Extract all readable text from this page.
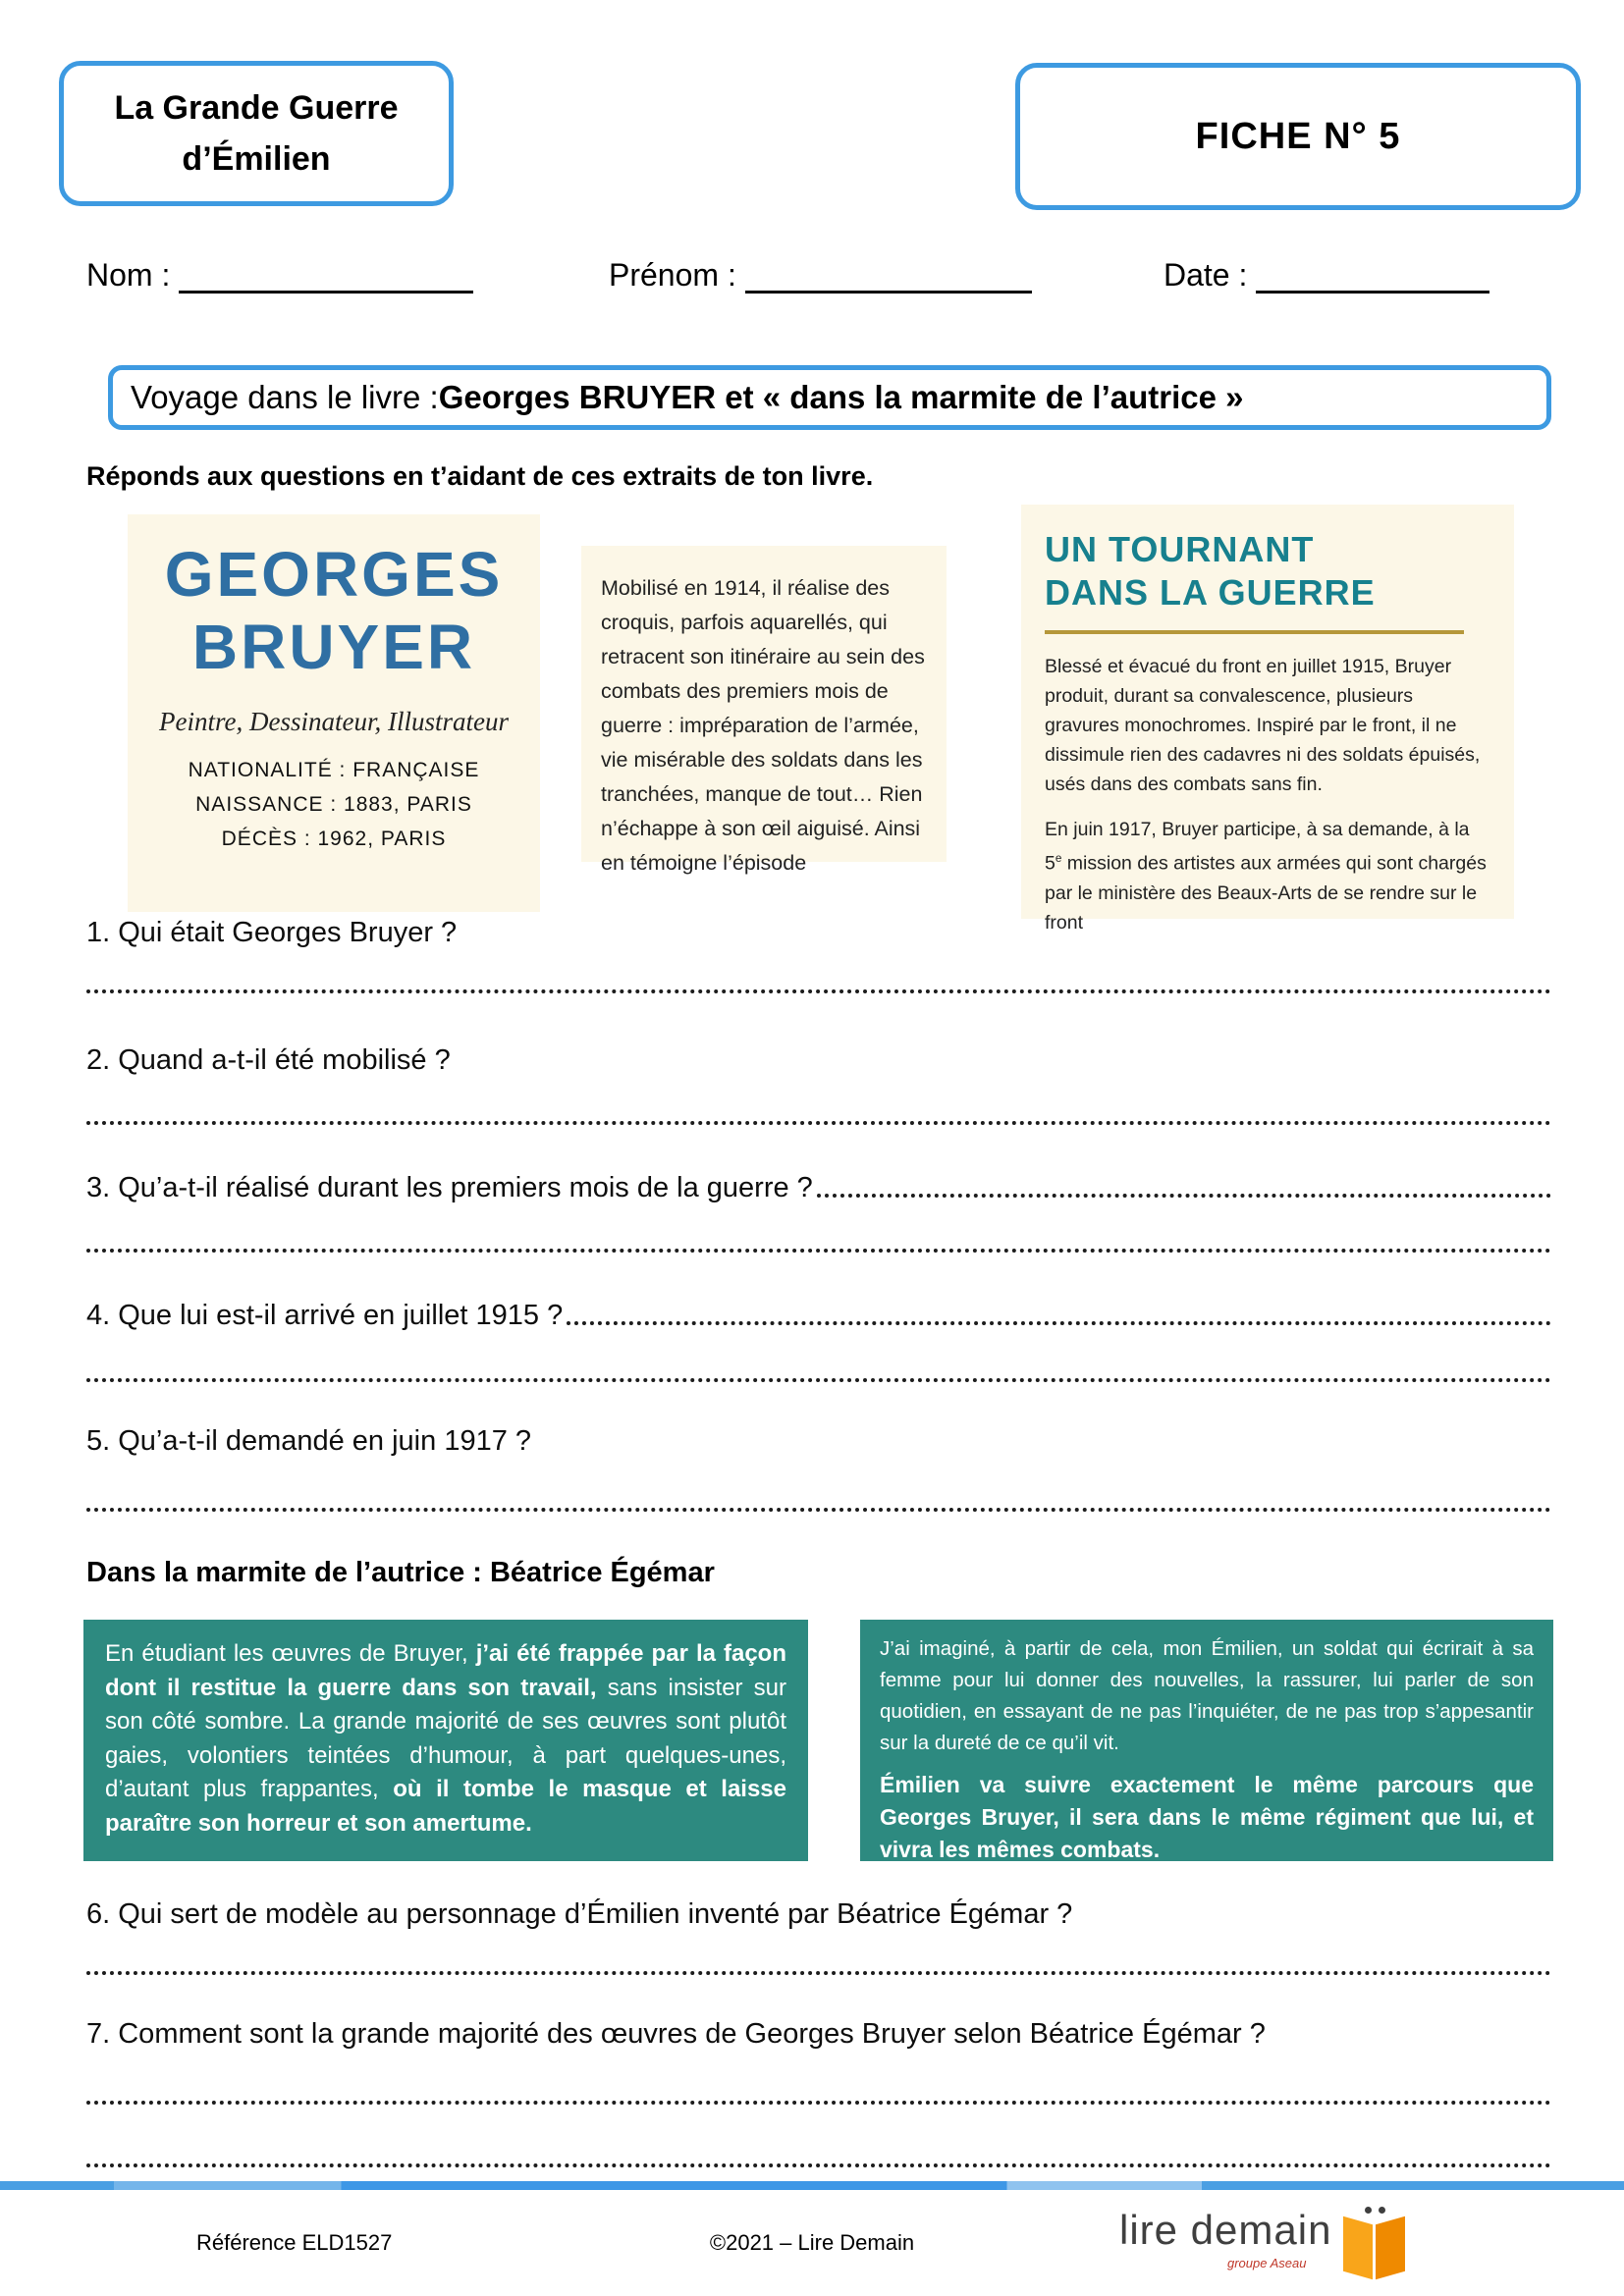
La Grande Guerre
d’Émilien
FICHE N° 5
Nom :	Prénom :	Date :
Voyage dans le livre : Georges BRUYER et « dans la marmite de l’autrice »
Réponds aux questions en t’aidant de ces extraits de ton livre.
GEORGES
BRUYER
Peintre, Dessinateur, Illustrateur
NATIONALITÉ : FRANÇAISE
NAISSANCE : 1883, PARIS
DÉCÈS : 1962, PARIS
Mobilisé en 1914, il réalise des croquis, parfois aquarellés, qui retracent son itinéraire au sein des combats des premiers mois de guerre : impréparation de l’armée, vie misérable des soldats dans les tranchées, manque de tout… Rien n’échappe à son œil aiguisé. Ainsi en témoigne l’épisode
UN TOURNANT
DANS LA GUERRE
Blessé et évacué du front en juillet 1915, Bruyer produit, durant sa convalescence, plusieurs gravures monochromes. Inspiré par le front, il ne dissimule rien des cadavres ni des soldats épuisés, usés dans des combats sans fin.
En juin 1917, Bruyer participe, à sa demande, à la 5e mission des artistes aux armées qui sont chargés par le ministère des Beaux-Arts de se rendre sur le front
1. Qui était Georges Bruyer ?
2. Quand a-t-il été mobilisé ?
3. Qu’a-t-il réalisé durant les premiers mois de la guerre ?
4. Que lui est-il arrivé en juillet 1915 ?
5. Qu’a-t-il demandé en juin 1917 ?
Dans la marmite de l’autrice : Béatrice Égémar
En étudiant les œuvres de Bruyer, j’ai été frappée par la façon dont il restitue la guerre dans son travail, sans insister sur son côté sombre. La grande majorité de ses œuvres sont plutôt gaies, volontiers teintées d’humour, à part quelques-unes, d’autant plus frappantes, où il tombe le masque et laisse paraître son horreur et son amertume.
J’ai imaginé, à partir de cela, mon Émilien, un soldat qui écrirait à sa femme pour lui donner des nouvelles, la rassurer, lui parler de son quotidien, en essayant de ne pas l’inquiéter, de ne pas trop s’appesantir sur la dureté de ce qu’il vit.
Émilien va suivre exactement le même parcours que Georges Bruyer, il sera dans le même régiment que lui, et vivra les mêmes combats.
6. Qui sert de modèle au personnage d’Émilien inventé par Béatrice Égémar ?
7. Comment sont la grande majorité des œuvres de Georges Bruyer selon Béatrice Égémar ?
Référence ELD1527	©2021 – Lire Demain	lire demain
groupe Aseau
